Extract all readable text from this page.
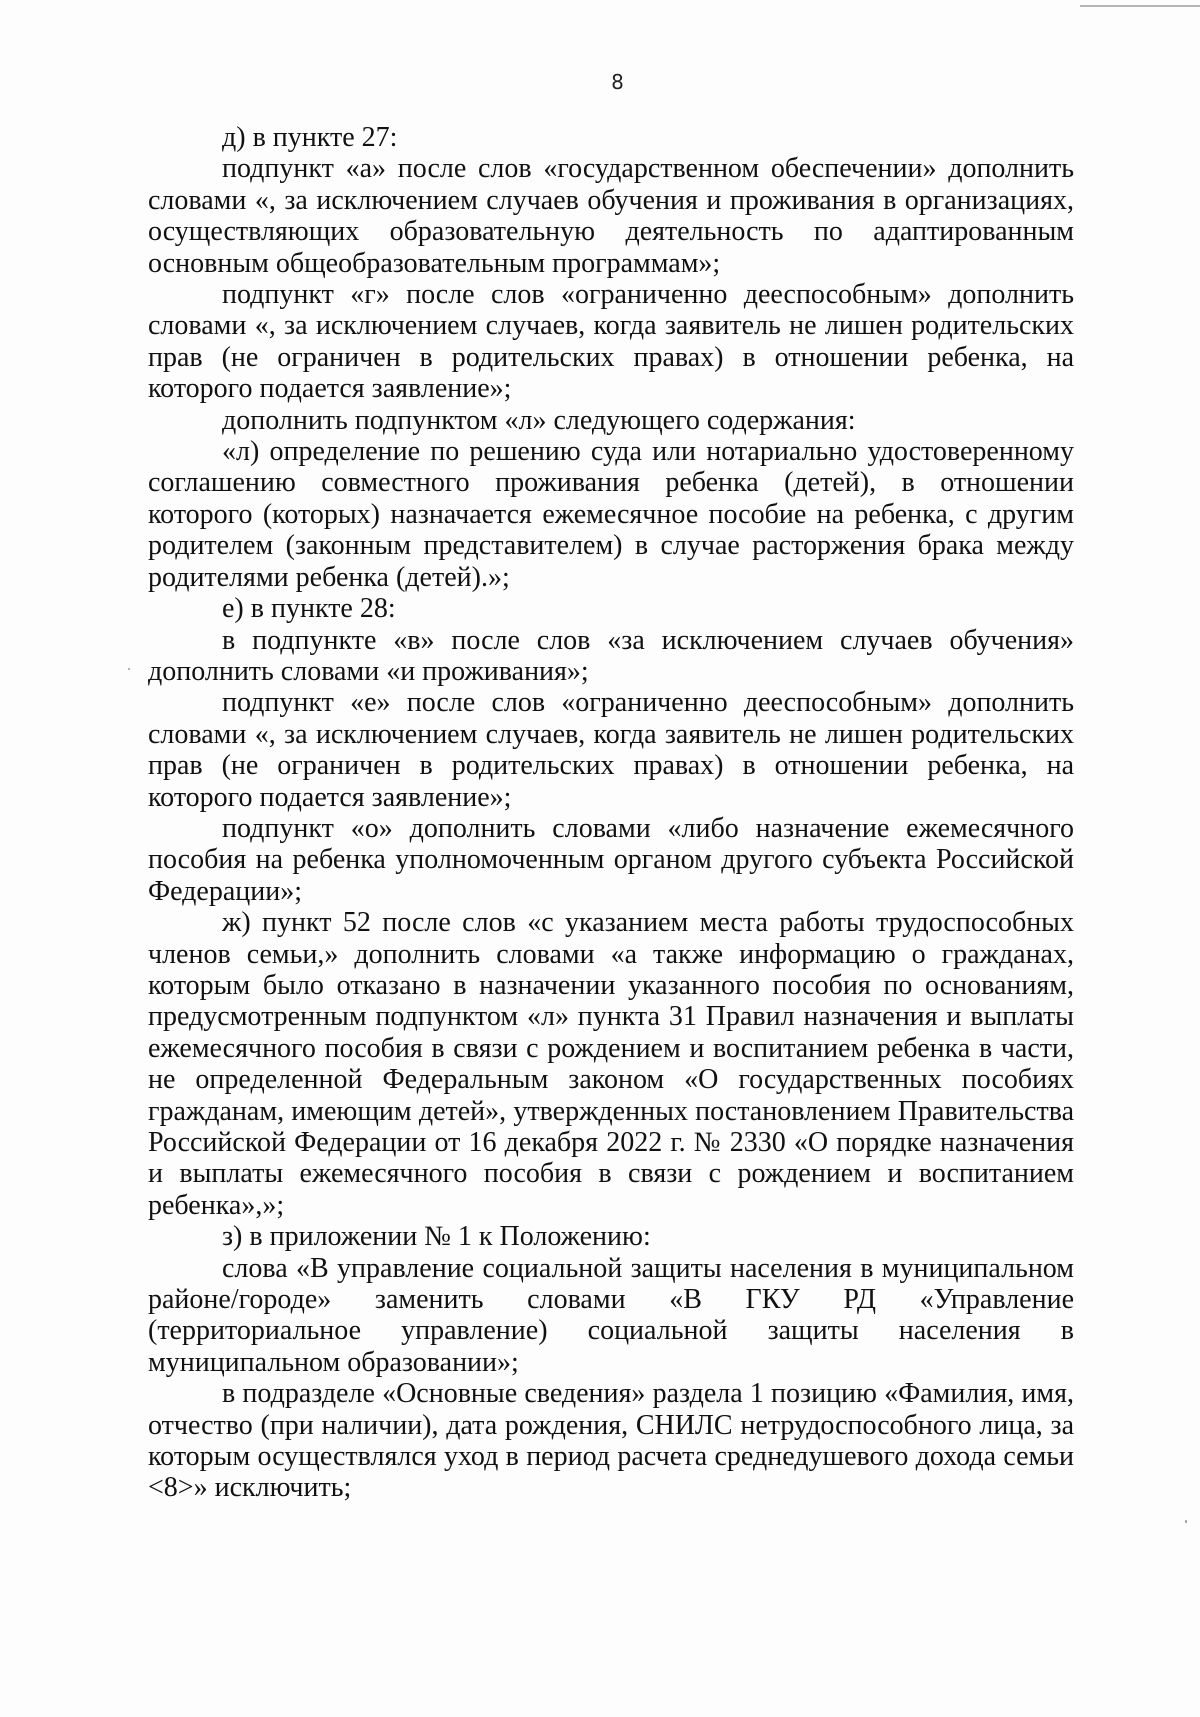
8

д) в пункте 27:

подпункт «а» после слов «государственном обеспечении» дополнить словами «, за исключением случаев обучения и проживания в организациях, осуществляющих образовательную деятельность по адаптированным основным общеобразовательным программам»;

подпункт «г» после слов «ограниченно дееспособным» дополнить словами «, за исключением случаев, когда заявитель не лишен родительских прав (не ограничен в родительских правах) в отношении ребенка, на которого подается заявление»;

дополнить подпунктом «л» следующего содержания:

«л) определение по решению суда или нотариально удостоверенному соглашению совместного проживания ребенка (детей), в отношении которого (которых) назначается ежемесячное пособие на ребенка, с другим родителем (законным представителем) в случае расторжения брака между родителями ребенка (детей).»;

е) в пункте 28:

в подпункте «в» после слов «за исключением случаев обучения» дополнить словами «и проживания»;

подпункт «е» после слов «ограниченно дееспособным» дополнить словами «, за исключением случаев, когда заявитель не лишен родительских прав (не ограничен в родительских правах) в отношении ребенка, на которого подается заявление»;

подпункт «о» дополнить словами «либо назначение ежемесячного пособия на ребенка уполномоченным органом другого субъекта Российской Федерации»;

ж) пункт 52 после слов «с указанием места работы трудоспособных членов семьи,» дополнить словами «а также информацию о гражданах, которым было отказано в назначении указанного пособия по основаниям, предусмотренным подпунктом «л» пункта 31 Правил назначения и выплаты ежемесячного пособия в связи с рождением и воспитанием ребенка в части, не определенной Федеральным законом «О государственных пособиях гражданам, имеющим детей», утвержденных постановлением Правительства Российской Федерации от 16 декабря 2022 г. № 2330 «О порядке назначения и выплаты ежемесячного пособия в связи с рождением и воспитанием ребенка»,»;

з) в приложении № 1 к Положению:

слова «В управление социальной защиты населения в муниципальном районе/городе» заменить словами «В ГКУ РД «Управление (территориальное управление) социальной защиты населения в муниципальном образовании»;

в подразделе «Основные сведения» раздела 1 позицию «Фамилия, имя, отчество (при наличии), дата рождения, СНИЛС нетрудоспособного лица, за которым осуществлялся уход в период расчета среднедушевого дохода семьи <8>» исключить;
